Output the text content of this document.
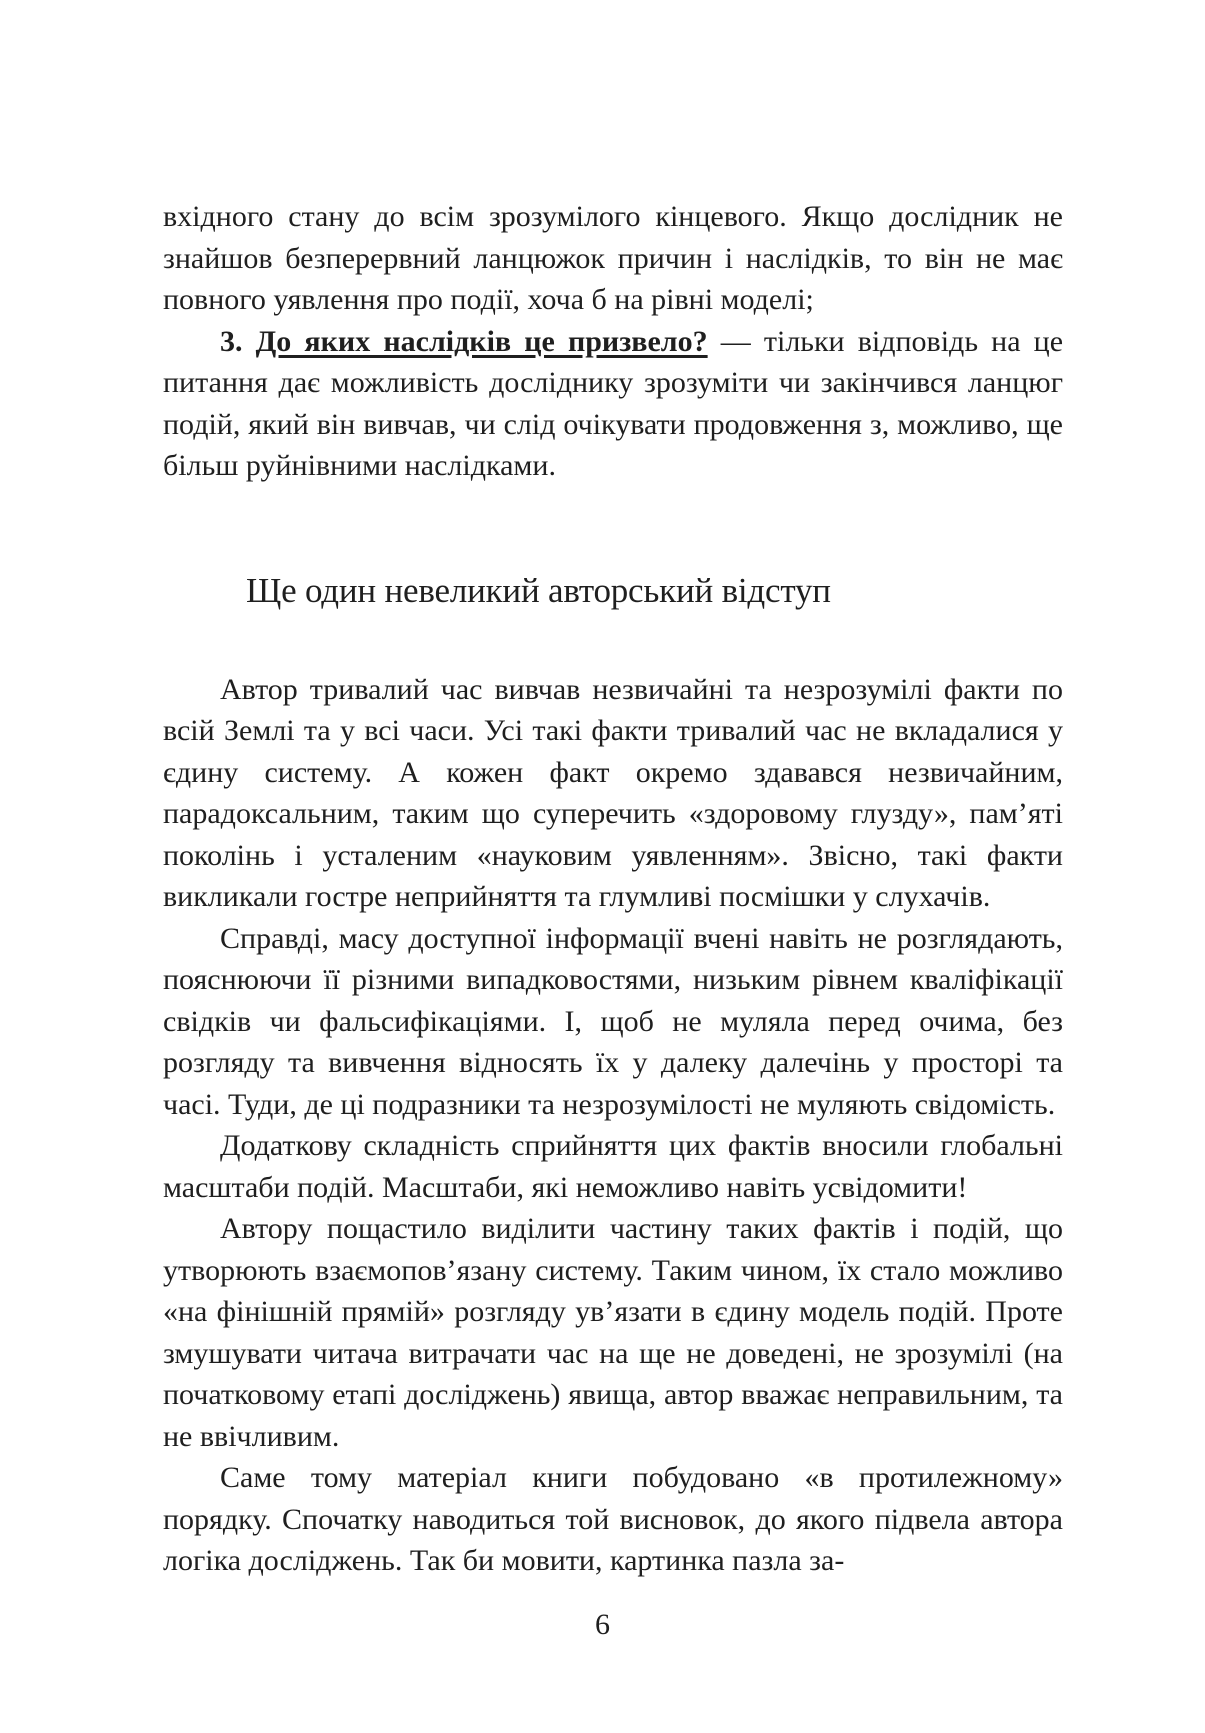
вхідного стану до всім зрозумілого кінцевого. Якщо дослідник не знайшов безперервний ланцюжок причин і наслідків, то він не має повного уявлення про події, хоча б на рівні моделі;

3. До яких наслідків це призвело? — тільки відповідь на це питання дає можливість досліднику зрозуміти чи закінчився ланцюг подій, який він вивчав, чи слід очікувати продовження з, можливо, ще більш руйнівними наслідками.

Ще один невеликий авторський відступ

Автор тривалий час вивчав незвичайні та незрозумілі факти по всій Землі та у всі часи. Усі такі факти тривалий час не вкладалися у єдину систему. А кожен факт окремо здавався незвичайним, парадоксальним, таким що суперечить «здоровому глузду», пам’яті поколінь і усталеним «науковим уявленням». Звісно, такі факти викликали гостре неприйняття та глумливі посмішки у слухачів.

Справді, масу доступної інформації вчені навіть не розглядають, пояснюючи її різними випадковостями, низьким рівнем кваліфікації свідків чи фальсифікаціями. І, щоб не муляла перед очима, без розгляду та вивчення відносять їх у далеку далечінь у просторі та часі. Туди, де ці подразники та незрозумілості не муляють свідомість.

Додаткову складність сприйняття цих фактів вносили глобальні масштаби подій. Масштаби, які неможливо навіть усвідомити!

Автору пощастило виділити частину таких фактів і подій, що утворюють взаємопов’язану систему. Таким чином, їх стало можливо «на фінішній прямій» розгляду ув’язати в єдину модель подій. Проте змушувати читача витрачати час на ще не доведені, не зрозумілі (на початковому етапі досліджень) явища, автор вважає неправильним, та не ввічливим.

Саме тому матеріал книги побудовано «в протилежному» порядку. Спочатку наводиться той висновок, до якого підвела автора логіка досліджень. Так би мовити, картинка пазла за-

6
